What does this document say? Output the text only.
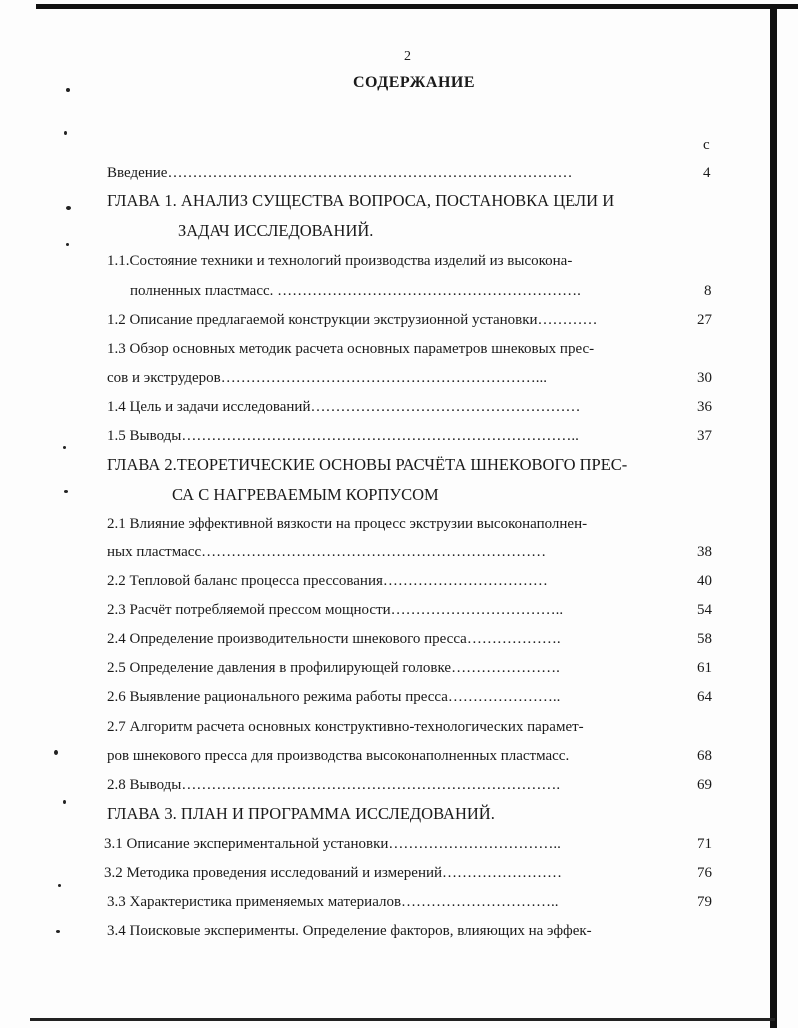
2
СОДЕРЖАНИЕ
с
Введение………………………………………………………………………	4
ГЛАВА 1. АНАЛИЗ СУЩЕСТВА ВОПРОСА, ПОСТАНОВКА ЦЕЛИ И
ЗАДАЧ ИССЛЕДОВАНИЙ.
1.1.Состояние техники и технологий производства изделий из высокона-
полненных пластмасс. …………………………………………………….	8
1.2 Описание предлагаемой конструкции экструзионной установки…………	27
1.3 Обзор основных методик расчета основных параметров шнековых прес-
сов и экструдеров………………………………………………………...	30
1.4 Цель и задачи исследований………………………………………………	36
1.5 Выводы……………………………………………………………………..	37
ГЛАВА 2.ТЕОРЕТИЧЕСКИЕ ОСНОВЫ РАСЧЁТА ШНЕКОВОГО ПРЕС-
СА С НАГРЕВАЕМЫМ КОРПУСОМ
2.1 Влияние эффективной вязкости на процесс экструзии высоконаполнен-
ных пластмасс……………………………………………………………	38
2.2 Тепловой баланс процесса прессования……………………………	40
2.3 Расчёт потребляемой прессом мощности……………………………..	54
2.4 Определение производительности шнекового пресса……………….	58
2.5 Определение давления в профилирующей головке………………….	61
2.6 Выявление рационального режима работы пресса…………………..	64
2.7 Алгоритм расчета основных конструктивно-технологических парамет-
ров шнекового пресса для производства высоконаполненных пластмасс.	68
2.8 Выводы………………………………………………………………….	69
ГЛАВА 3. ПЛАН И ПРОГРАММА ИССЛЕДОВАНИЙ.
3.1 Описание экспериментальной установки……………………………..	71
3.2 Методика проведения исследований и измерений……………………	76
3.3 Характеристика применяемых материалов…………………………..	79
3.4 Поисковые эксперименты. Определение факторов, влияющих на эффек-
